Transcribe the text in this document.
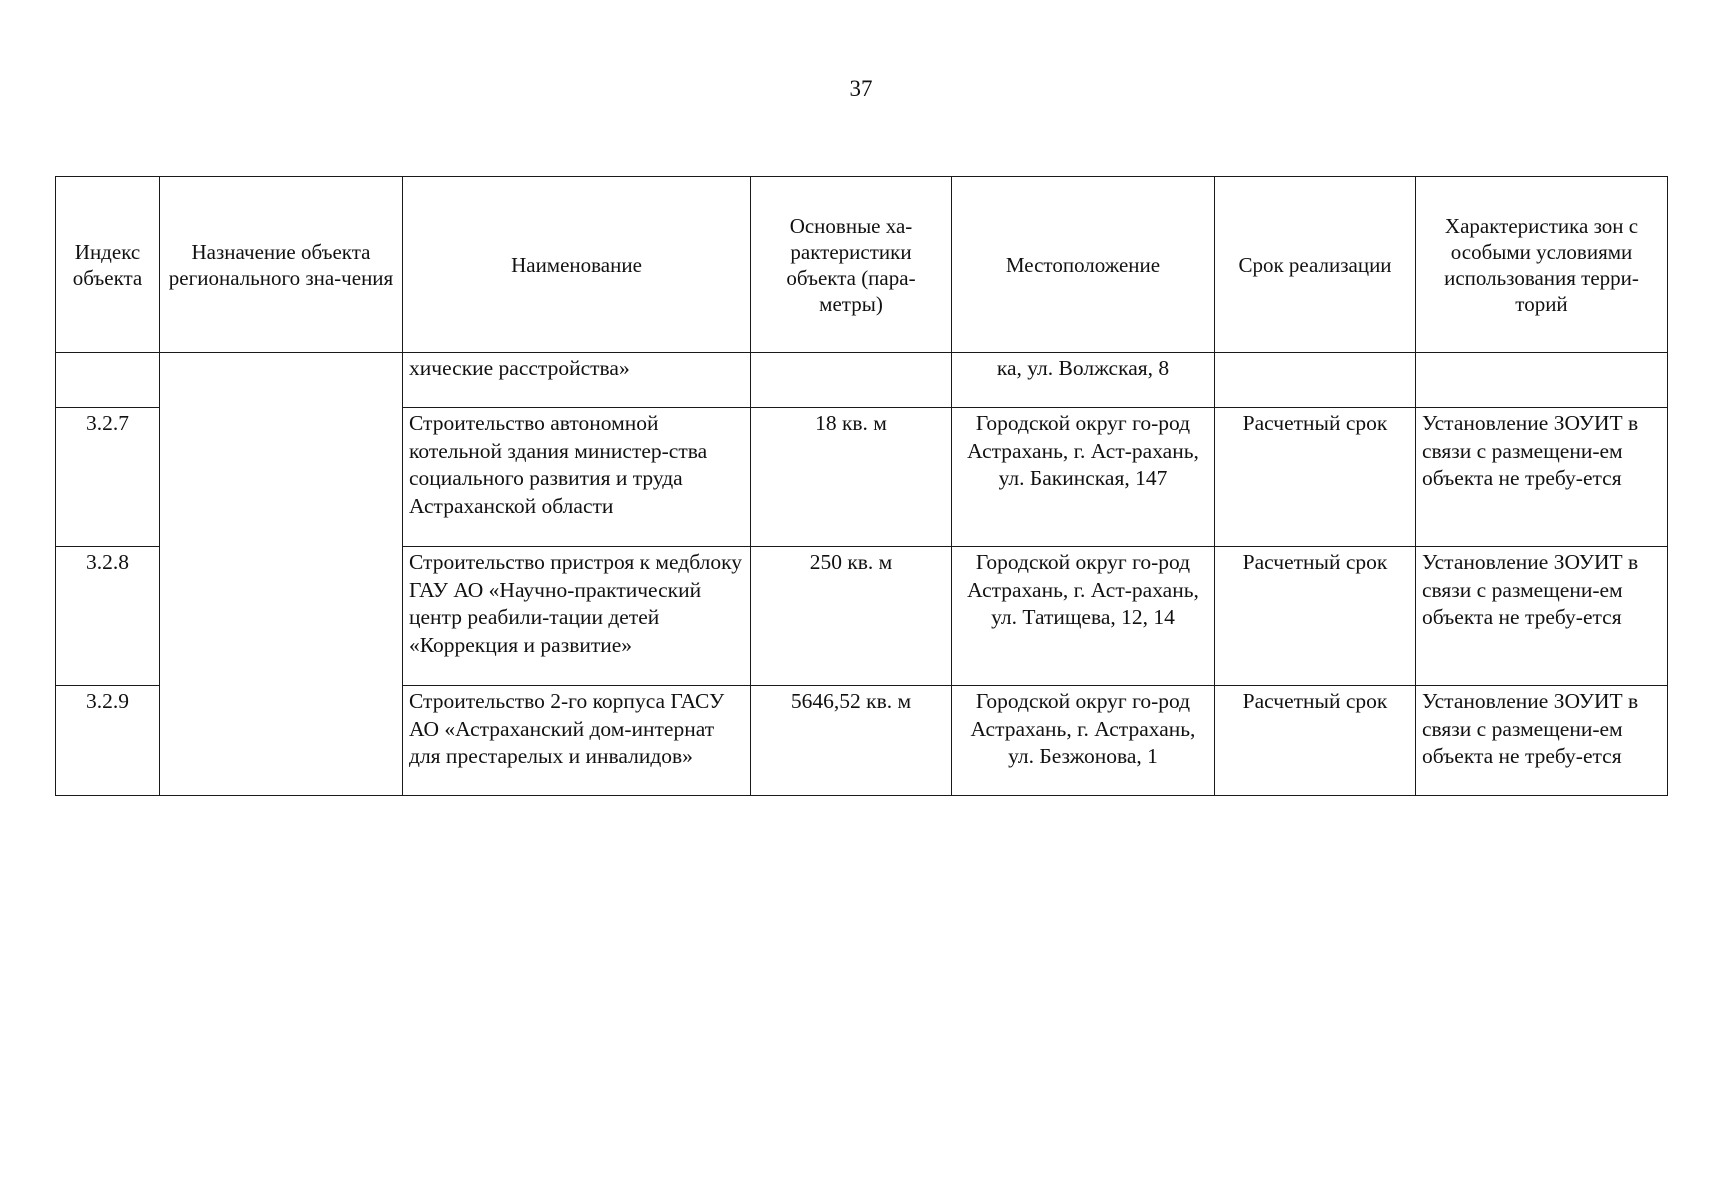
37
Индекс объекта	Назначение объекта регионального зна-чения	Наименование	Основные ха-рактеристики объекта (пара-метры)	Местоположение	Срок реализации	Характеристика зон с особыми условиями использования терри-торий
		хические расстройства»		ка, ул. Волжская, 8		
3.2.7		Строительство автономной котельной здания министер-ства социального развития и труда Астраханской области	18 кв. м	Городской округ го-род Астрахань, г. Аст-рахань, ул. Бакинская, 147	Расчетный срок	Установление ЗОУИТ в связи с размещени-ем объекта не требу-ется
3.2.8		Строительство пристроя к медблоку ГАУ АО «Научно-практический центр реабили-тации детей «Коррекция и развитие»	250 кв. м	Городской округ го-род Астрахань, г. Аст-рахань, ул. Татищева, 12, 14	Расчетный срок	Установление ЗОУИТ в связи с размещени-ем объекта не требу-ется
3.2.9		Строительство 2-го корпуса ГАСУ АО «Астраханский дом-интернат для престарелых и инвалидов»	5646,52 кв. м	Городской округ го-род Астрахань, г. Астрахань, ул. Безжонова, 1	Расчетный срок	Установление ЗОУИТ в связи с размещени-ем объекта не требу-ется
